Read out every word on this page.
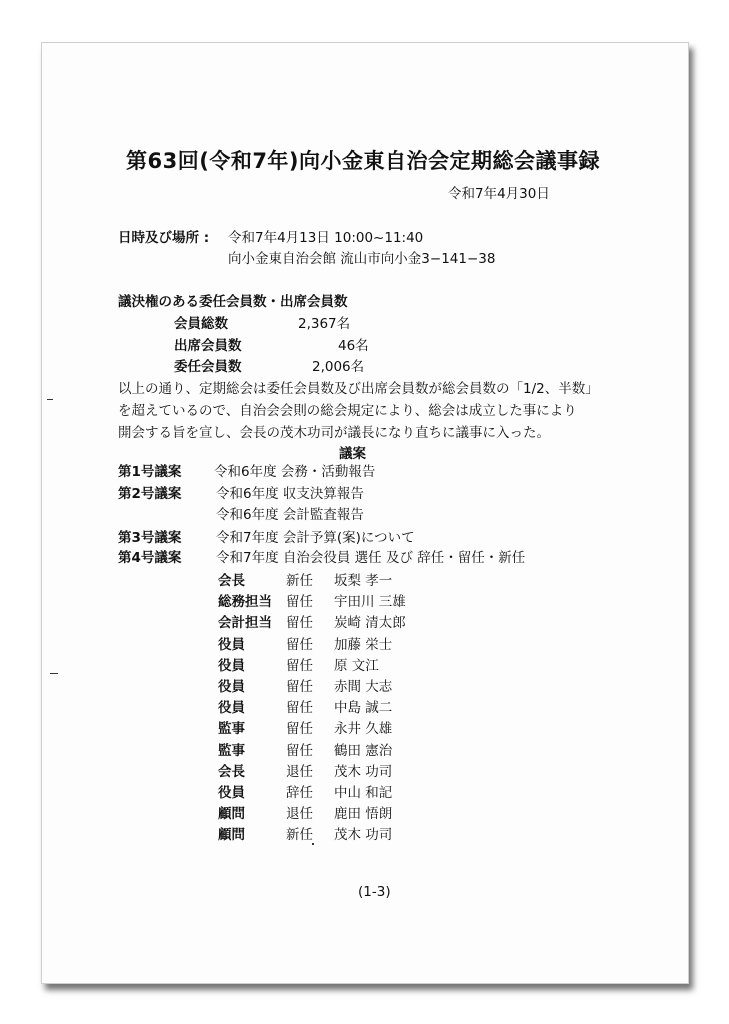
第63回(令和7年)向小金東自治会定期総会議事録
令和7年4月30日
日時及び場所 : 令和7年4月13日 10:00~11:40
向小金東自治会館 流山市向小金3−141−38
議決権のある委任会員数・出席会員数
会員総数	2,367名
出席会員数	46名
委任会員数	2,006名
以上の通り、定期総会は委任会員数及び出席会員数が総会員数の「1/2、半数」
を超えているので、自治会会則の総会規定により、総会は成立した事により
開会する旨を宣し、会長の茂木功司が議長になり直ちに議事に入った。
議案
第1号議案 令和6年度 会務・活動報告
第2号議案	令和6年度 収支決算報告
令和6年度 会計監査報告
第3号議案	令和7年度 会計予算(案)について
第4号議案	令和7年度 自治会役員 選任 及び 辞任・留任・新任
会長	新任 坂梨 孝一
総務担当 留任 宇田川 三雄
会計担当 留任 炭崎 清太郎
役員	留任 加藤 栄士
役員	留任 原 文江
役員	留任 赤間 大志
役員	留任 中島 誠二
監事	留任 永井 久雄
監事	留任 鶴田 憲治
会長	退任 茂木 功司
役員	辞任 中山 和記
顧問	退任 鹿田 悟朗
顧問	新任 茂木 功司
(1-3)
